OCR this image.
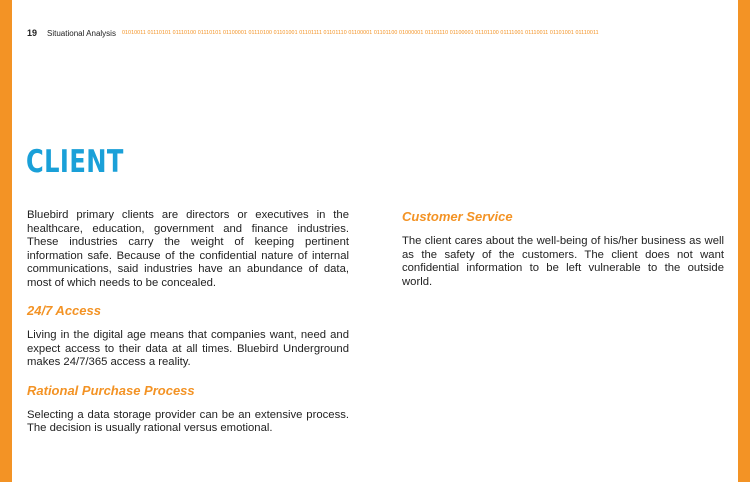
19 Situational Analysis 01010011 01110101 01110100 01110101 01100001 01110100 01101001 01101111 01101110 01100001 01101100 01000001 01101110 01100001 01101100 01111001 01110011 01101001 01110011
CLIENT

Bluebird primary clients are directors or executives in the healthcare, education, government and finance industries. These industries carry the weight of keeping pertinent information safe. Because of the confidential nature of internal communications, said industries have an abundance of data, most of which needs to be concealed.

24/7 Access

Living in the digital age means that companies want, need and expect access to their data at all times. Bluebird Underground makes 24/7/365 access a reality.

Rational Purchase Process

Selecting a data storage provider can be an extensive process. The decision is usually rational versus emotional.

Customer Service

The client cares about the well-being of his/her business as well as the safety of the customers. The client does not want confidential information to be left vulnerable to the outside world.
